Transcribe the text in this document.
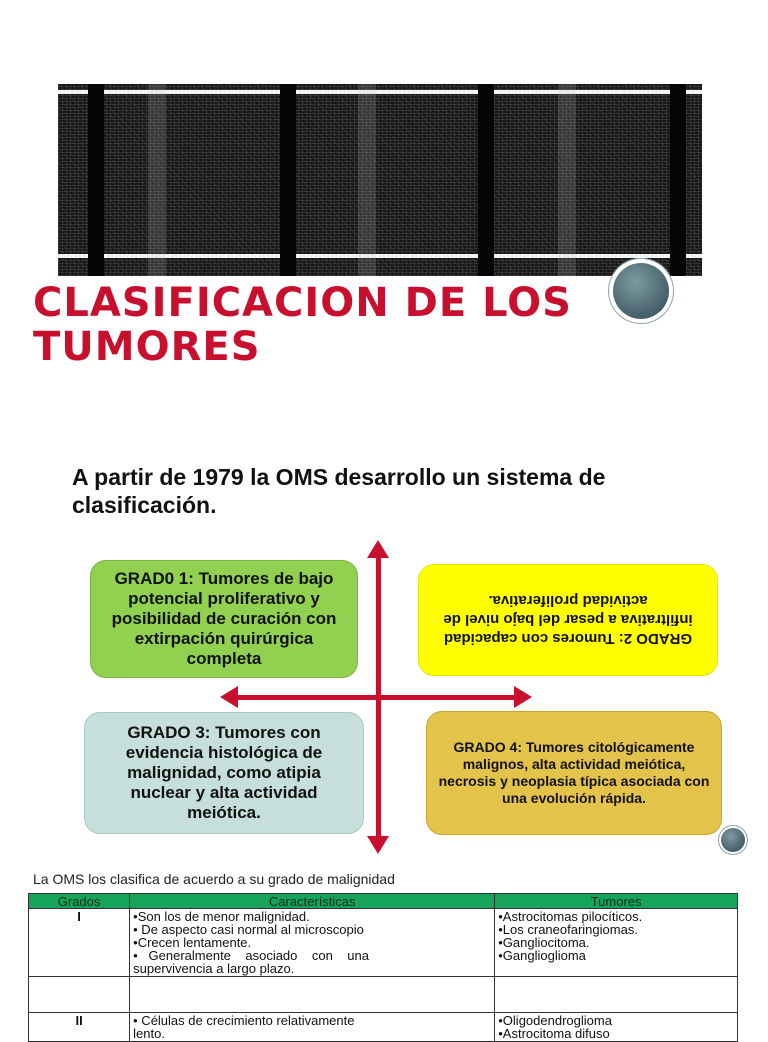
CLASIFICACION DE LOS TUMORES

A partir de 1979 la OMS desarrollo un sistema de clasificación.

GRAD0 1: Tumores de bajo potencial proliferativo y posibilidad de curación con extirpación quirúrgica completa
GRADO 2: Tumores con capacidad infiltrativa a pesar del bajo nivel de actividad proliferativa.
GRADO 3: Tumores con evidencia histológica de malignidad, como atipia nuclear y alta actividad meiótica.
GRADO 4: Tumores citológicamente malignos, alta actividad meiótica, necrosis y neoplasia típica asociada con una evolución rápida.

La OMS los clasifica de acuerdo a su grado de malignidad

Grados	Características	Tumores
I	•Son los de menor malignidad.
• De aspecto casi normal al microscopio
•Crecen lentamente.
•   Generalmente    asociado    con    una
supervivencia a largo plazo.	•Astrocitomas pilocíticos.
•Los craneofaringiomas.
•Gangliocitoma.
•Ganglioglioma

II	• Células de crecimiento relativamente
lento.	•Oligodendroglioma
•Astrocitoma difuso
